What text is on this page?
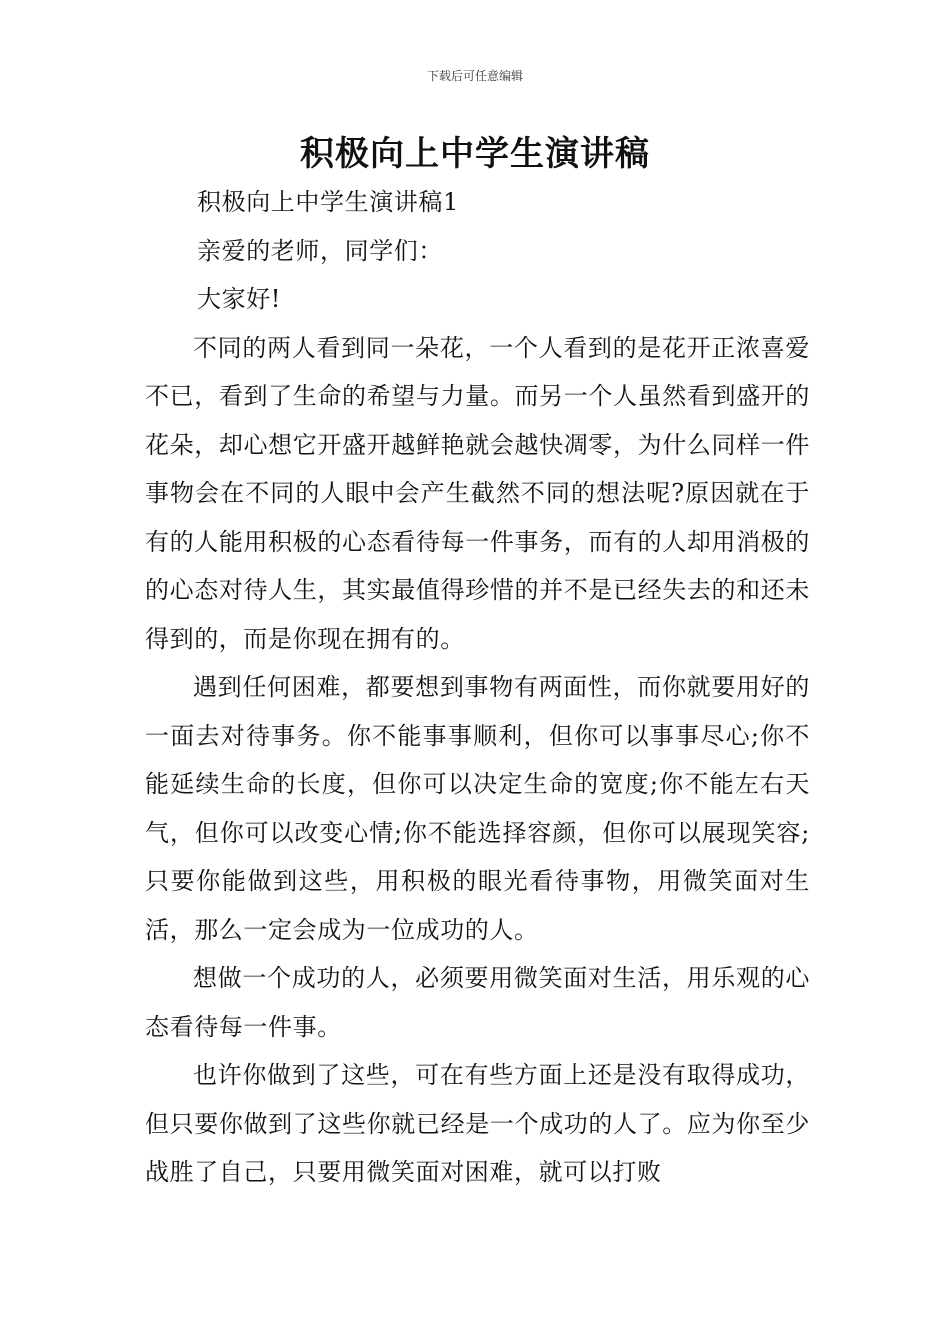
下载后可任意编辑
积极向上中学生演讲稿

积极向上中学生演讲稿1

亲爱的老师，同学们：

大家好!

不同的两人看到同一朵花，一个人看到的是花开正浓喜爱不已，看到了生命的希望与力量。而另一个人虽然看到盛开的花朵，却心想它开盛开越鲜艳就会越快凋零，为什么同样一件事物会在不同的人眼中会产生截然不同的想法呢?原因就在于有的人能用积极的心态看待每一件事务，而有的人却用消极的的心态对待人生，其实最值得珍惜的并不是已经失去的和还未得到的，而是你现在拥有的。

遇到任何困难，都要想到事物有两面性，而你就要用好的一面去对待事务。你不能事事顺利，但你可以事事尽心;你不能延续生命的长度，但你可以决定生命的宽度;你不能左右天气，但你可以改变心情;你不能选择容颜，但你可以展现笑容;只要你能做到这些，用积极的眼光看待事物，用微笑面对生活，那么一定会成为一位成功的人。

想做一个成功的人，必须要用微笑面对生活，用乐观的心态看待每一件事。

也许你做到了这些，可在有些方面上还是没有取得成功，但只要你做到了这些你就已经是一个成功的人了。应为你至少战胜了自己，只要用微笑面对困难，就可以打败
